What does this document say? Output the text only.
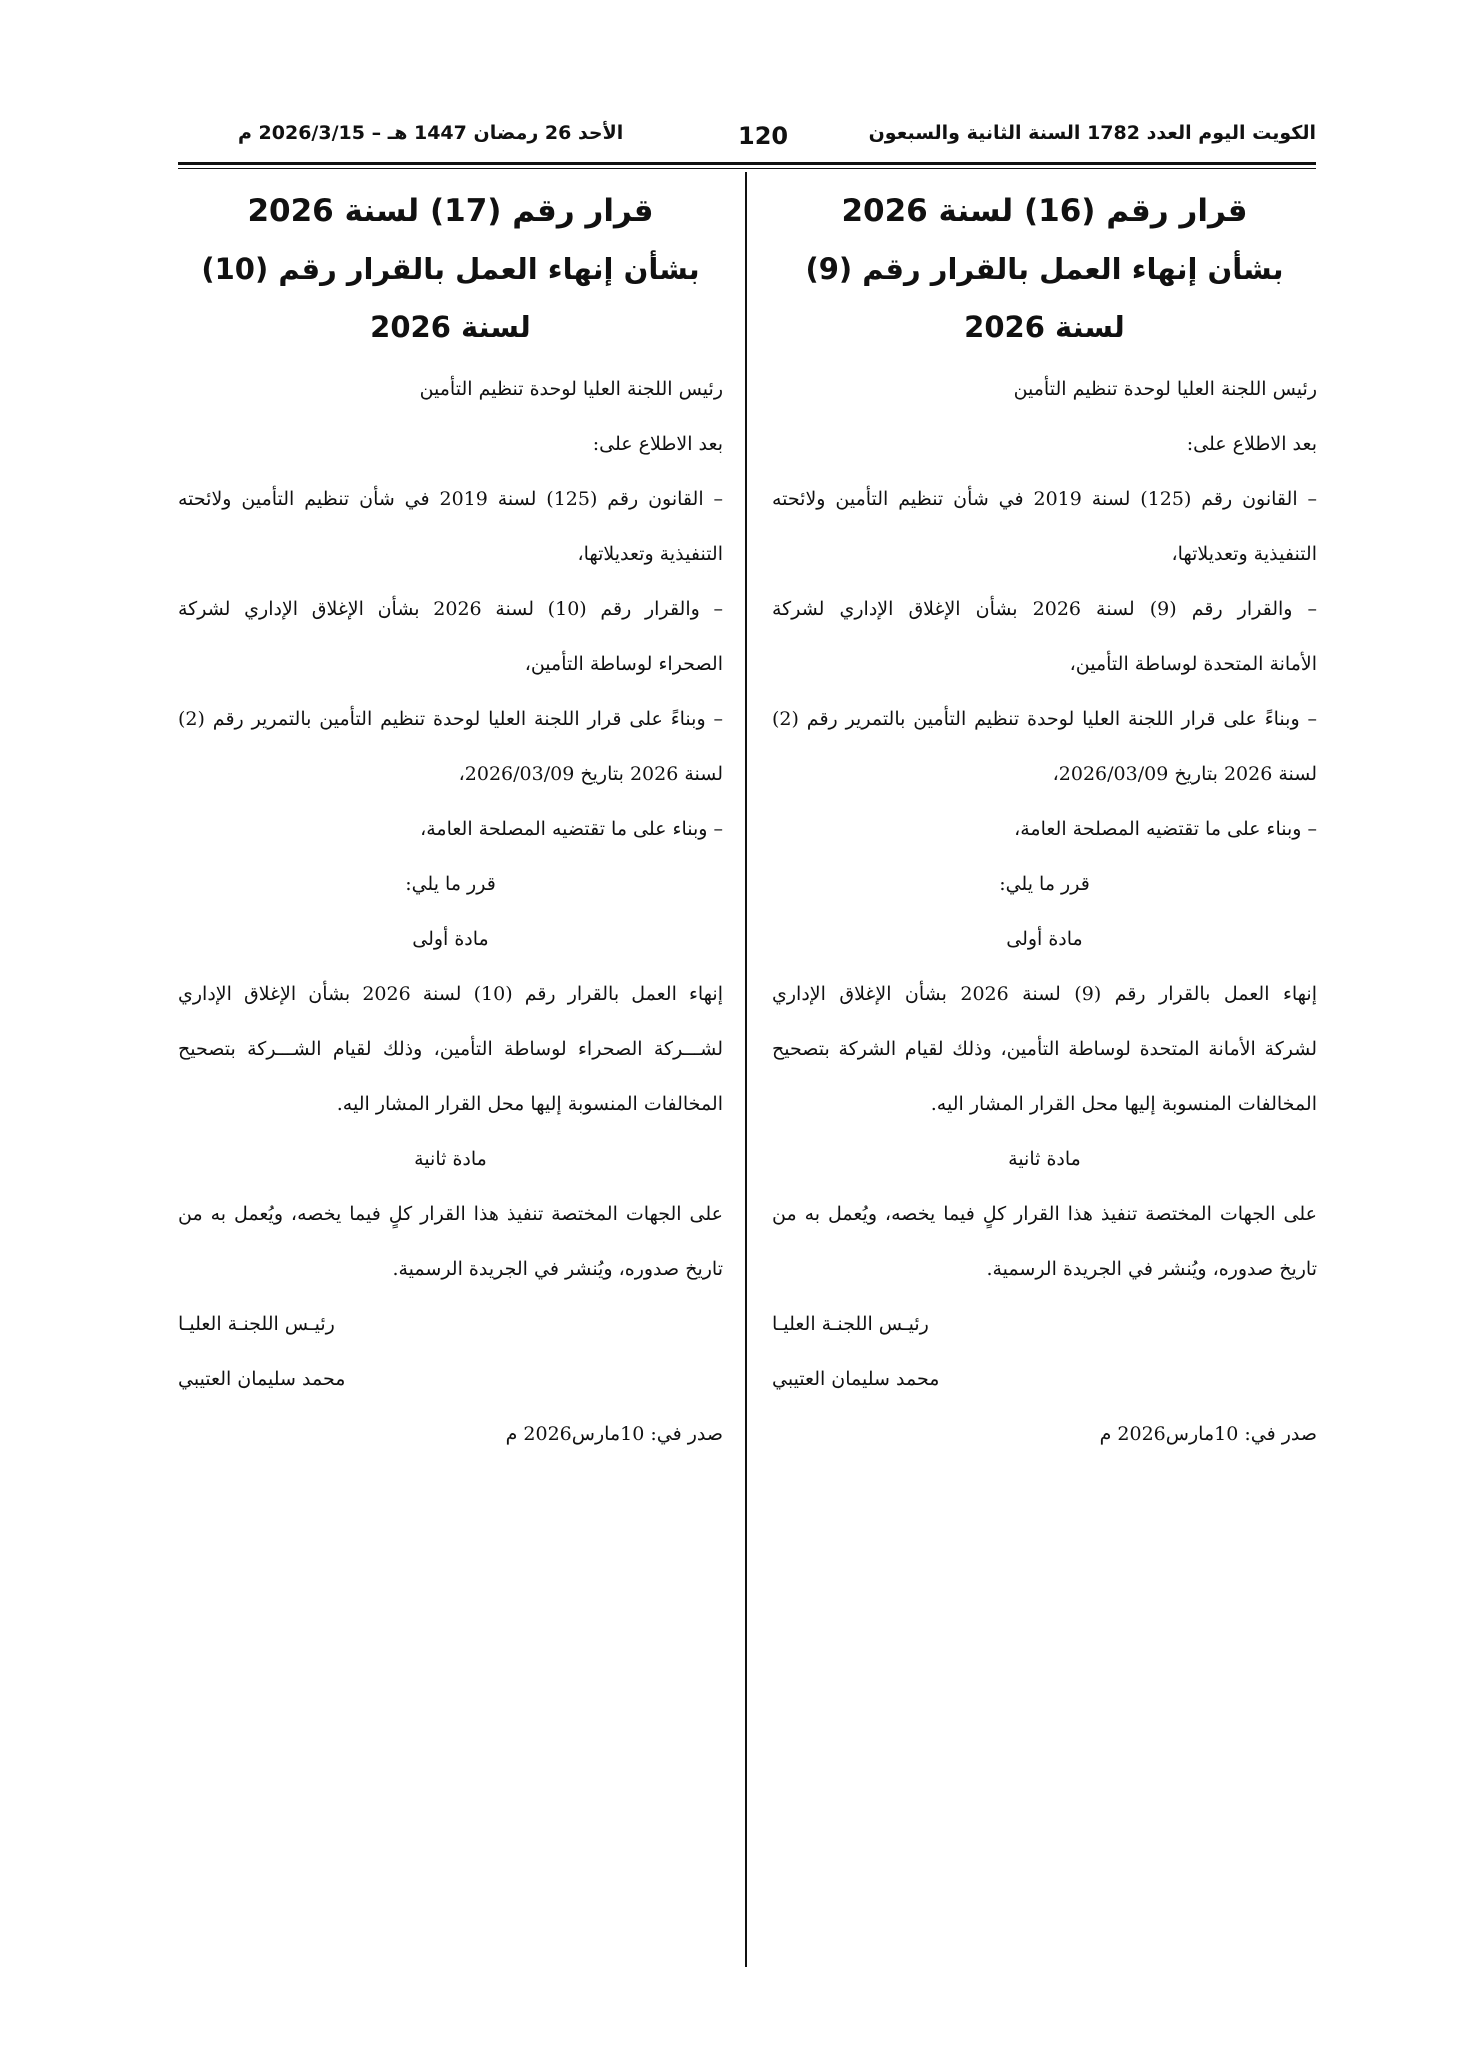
الكويت اليوم العدد 1782 السنة الثانية والسبعون
120
الأحد 26 رمضان 1447 هـ – 2026/3/15 م

قرار رقم (16) لسنة 2026

بشأن إنهاء العمل بالقرار رقم (9) لسنة 2026

رئيس اللجنة العليا لوحدة تنظيم التأمين

بعد الاطلاع على:

– القانون رقم (125) لسنة 2019 في شأن تنظيم التأمين ولائحته

التنفيذية وتعديلاتها،

– والقرار رقم (9) لسنة 2026 بشأن الإغلاق الإداري لشركة

الأمانة المتحدة لوساطة التأمين،

– وبناءً على قرار اللجنة العليا لوحدة تنظيم التأمين بالتمرير رقم (2)

لسنة 2026 بتاريخ 2026/03/09،

– وبناء على ما تقتضيه المصلحة العامة،

قرر ما يلي:

مادة أولى

إنهاء العمل بالقرار رقم (9) لسنة 2026 بشأن الإغلاق الإداري

لشركة الأمانة المتحدة لوساطة التأمين، وذلك لقيام الشركة بتصحيح

المخالفات المنسوبة إليها محل القرار المشار اليه.

مادة ثانية

على الجهات المختصة تنفيذ هذا القرار كلٍ فيما يخصه، ويُعمل به من

تاريخ صدوره، ويُنشر في الجريدة الرسمية.

رئيـس اللجنـة العليـا

محمد سليمان العتيبي

صدر في: 10مارس2026 م

قرار رقم (17) لسنة 2026

بشأن إنهاء العمل بالقرار رقم (10) لسنة 2026

رئيس اللجنة العليا لوحدة تنظيم التأمين

بعد الاطلاع على:

– القانون رقم (125) لسنة 2019 في شأن تنظيم التأمين ولائحته

التنفيذية وتعديلاتها،

– والقرار رقم (10) لسنة 2026 بشأن الإغلاق الإداري لشركة

الصحراء لوساطة التأمين،

– وبناءً على قرار اللجنة العليا لوحدة تنظيم التأمين بالتمرير رقم (2)

لسنة 2026 بتاريخ 2026/03/09،

– وبناء على ما تقتضيه المصلحة العامة،

قرر ما يلي:

مادة أولى

إنهاء العمل بالقرار رقم (10) لسنة 2026 بشأن الإغلاق الإداري

لشـــركة الصحراء لوساطة التأمين، وذلك لقيام الشـــركة بتصحيح

المخالفات المنسوبة إليها محل القرار المشار اليه.

مادة ثانية

على الجهات المختصة تنفيذ هذا القرار كلٍ فيما يخصه، ويُعمل به من

تاريخ صدوره، ويُنشر في الجريدة الرسمية.

رئيـس اللجنـة العليـا

محمد سليمان العتيبي

صدر في: 10مارس2026 م
